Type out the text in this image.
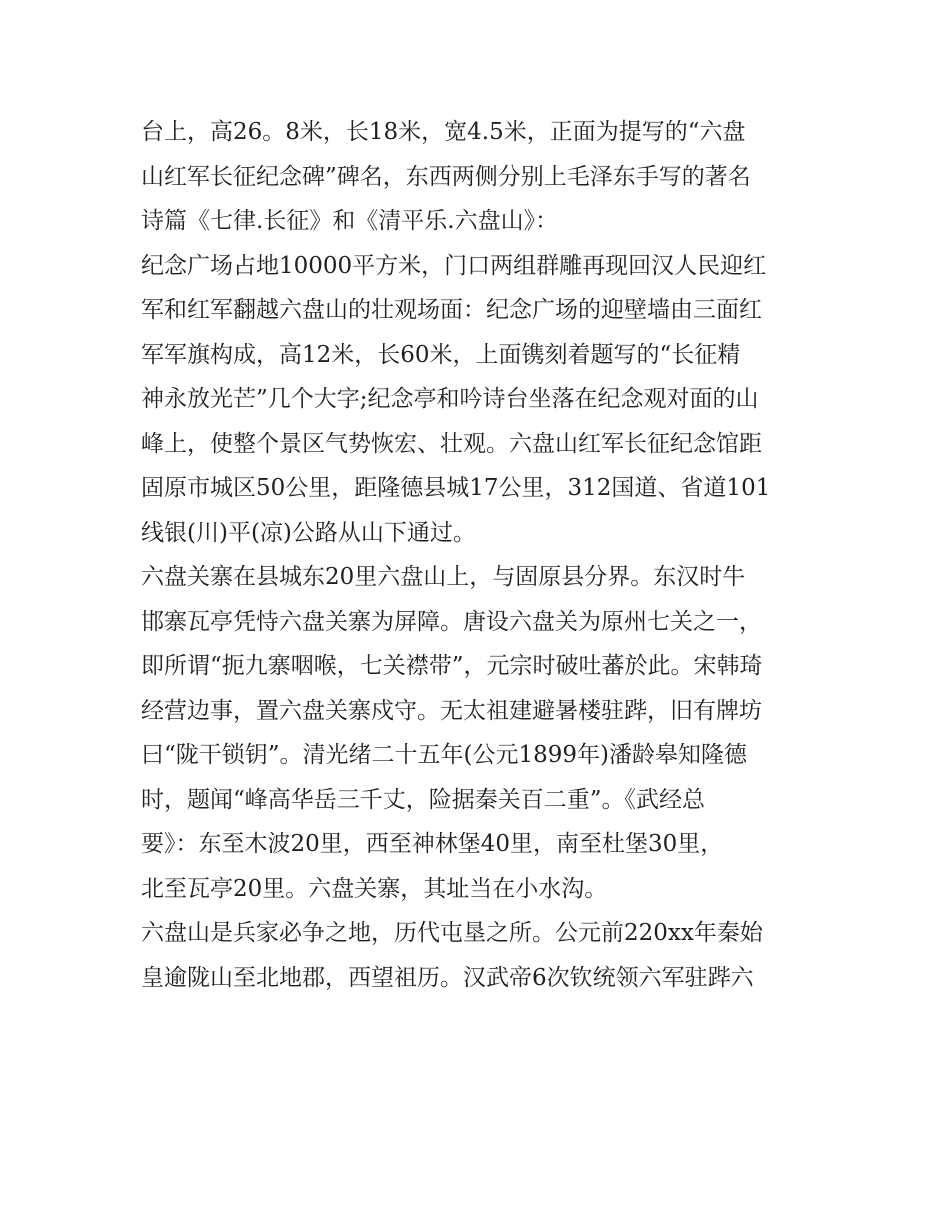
台上，高26。8米，长18米，宽4.5米，正面为提写的“六盘
山红军长征纪念碑”碑名，东西两侧分别上毛泽东手写的著名
诗篇《七律.长征》和《清平乐.六盘山》：
纪念广场占地10000平方米，门口两组群雕再现回汉人民迎红
军和红军翻越六盘山的壮观场面：纪念广场的迎壁墙由三面红
军军旗构成，高12米，长60米，上面镌刻着题写的“长征精
神永放光芒”几个大字;纪念亭和吟诗台坐落在纪念观对面的山
峰上，使整个景区气势恢宏、壮观。六盘山红军长征纪念馆距
固原市城区50公里，距隆德县城17公里，312国道、省道101
线银(川)平(凉)公路从山下通过。
六盘关寨在县城东20里六盘山上，与固原县分界。东汉时牛
邯寨瓦亭凭恃六盘关寨为屏障。唐设六盘关为原州七关之一，
即所谓“扼九寨咽喉，七关襟带”，元宗时破吐蕃於此。宋韩琦
经营边事，置六盘关寨戍守。无太祖建避暑楼驻跸，旧有牌坊
曰“陇干锁钥”。清光绪二十五年(公元1899年)潘龄皋知隆德
时，题闻“峰高华岳三千丈，险据秦关百二重”。《武经总
要》：东至木波20里，西至神林堡40里，南至杜堡30里，
北至瓦亭20里。六盘关寨，其址当在小水沟。
六盘山是兵家必争之地，历代屯垦之所。公元前220xx年秦始
皇逾陇山至北地郡，西望祖历。汉武帝6次钦统领六军驻跸六
